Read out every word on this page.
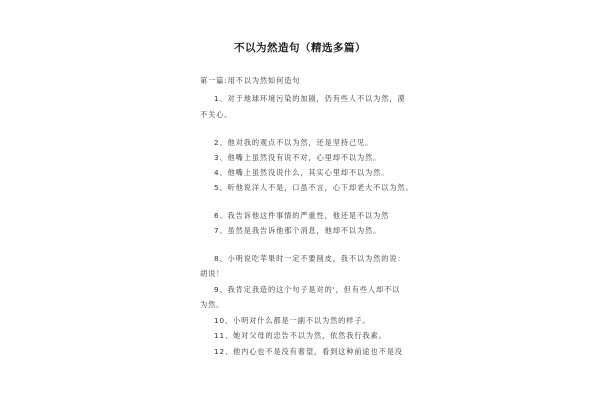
不以为然造句（精选多篇）
第一篇:用不以为然如何造句
1、对于地球环境污染的加剧，仍有些人不以为然，漠
不关心。
2、他对我的观点不以为然，还是坚持己见。
3、他嘴上虽然没有说不对，心里却不以为然。
4、他嘴上虽然没说什么，其实心里却不以为然。
5、听他说洋人不是，口虽不言，心下却老大不以为然。
6、我告诉他这件事情的严重性，他还是不以为然
7、虽然是我告诉他那个消息，他却不以为然。
8、小明说吃苹果时一定不要削皮，我不以为然的说：
胡说！
9、我肯定我造的这个句子是对的'，但有些人却不以
为然。
10、小明对什么都是一副不以为然的样子。
11、她对父母的忠告不以为然，依然我行我素。
12、他内心也不是没有奢望，看到这种前途也不是没
